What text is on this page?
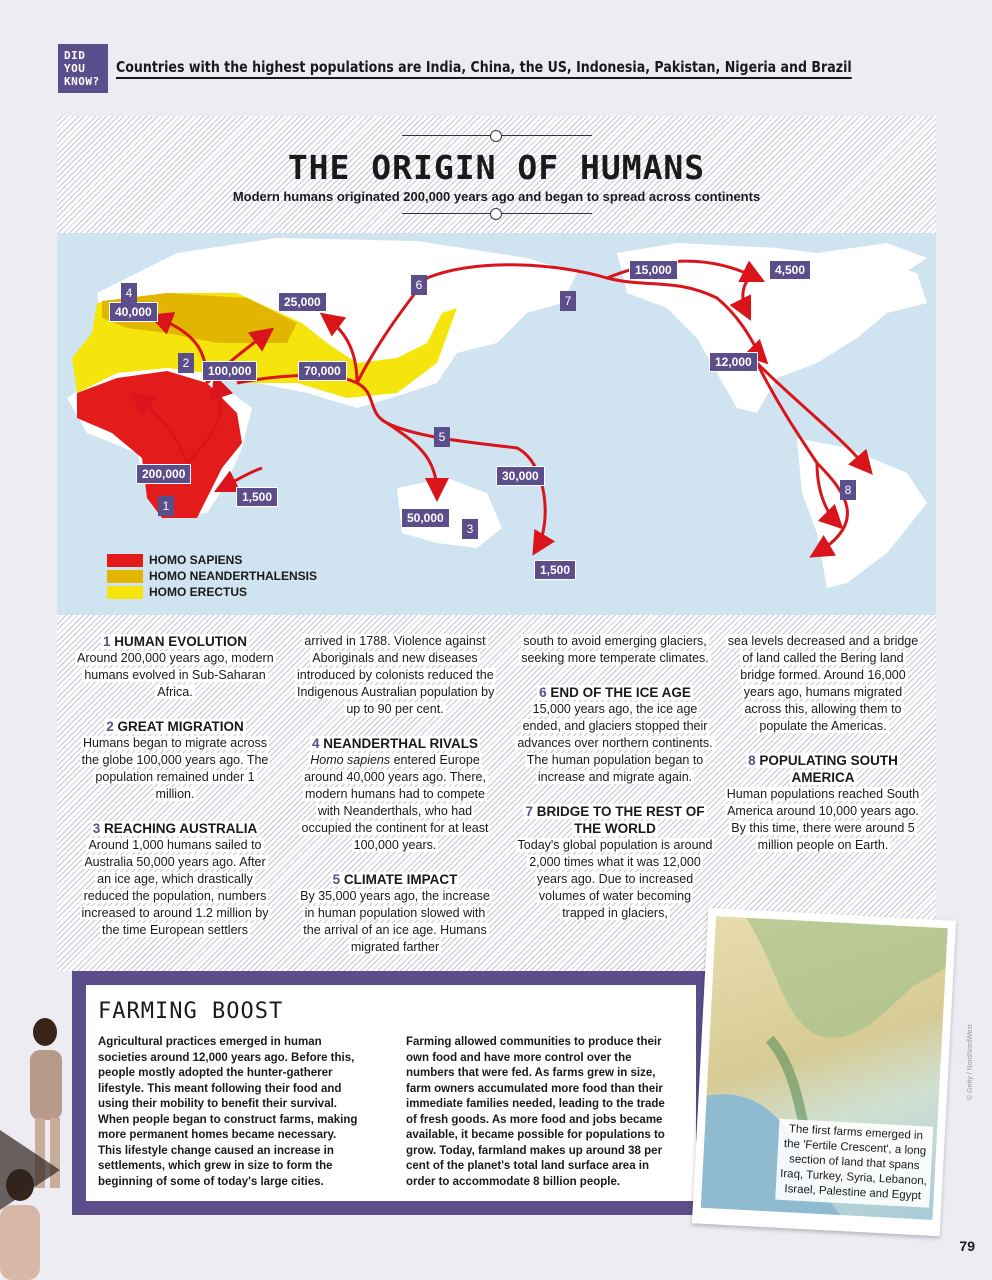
DID YOU KNOW?
Countries with the highest populations are India, China, the US, Indonesia, Pakistan, Nigeria and Brazil
THE ORIGIN OF HUMANS
Modern humans originated 200,000 years ago and began to spread across continents
40,000
25,000
100,000	70,000
200,000
1,500
50,000
30,000
1,500
15,000	4,500
12,000
1
2
3
4
5
6
7
8
HOMO SAPIENS
HOMO NEANDERTHALENSIS
HOMO ERECTUS

1 HUMAN EVOLUTION

Around 200,000 years ago, modern humans evolved in Sub-Saharan Africa.

2 GREAT MIGRATION

Humans began to migrate across the globe 100,000 years ago. The population remained under 1 million.

3 REACHING AUSTRALIA

Around 1,000 humans sailed to Australia 50,000 years ago. After an ice age, which drastically reduced the population, numbers increased to around 1.2 million by the time European settlers

arrived in 1788. Violence against Aboriginals and new diseases introduced by colonists reduced the Indigenous Australian population by up to 90 per cent.

4 NEANDERTHAL RIVALS

Homo sapiens entered Europe around 40,000 years ago. There, modern humans had to compete with Neanderthals, who had occupied the continent for at least 100,000 years.

5 CLIMATE IMPACT

By 35,000 years ago, the increase in human population slowed with the arrival of an ice age. Humans migrated farther

south to avoid emerging glaciers, seeking more temperate climates.

6 END OF THE ICE AGE

15,000 years ago, the ice age ended, and glaciers stopped their advances over northern continents. The human population began to increase and migrate again.

7 BRIDGE TO THE REST OF THE WORLD

Today's global population is around 2,000 times what it was 12,000 years ago. Due to increased volumes of water becoming trapped in glaciers,

sea levels decreased and a bridge of land called the Bering land bridge formed. Around 16,000 years ago, humans migrated across this, allowing them to populate the Americas.

8 POPULATING SOUTH AMERICA

Human populations reached South America around 10,000 years ago. By this time, there were around 5 million people on Earth.

FARMING BOOST
Agricultural practices emerged in human societies around 12,000 years ago. Before this, people mostly adopted the hunter-gatherer lifestyle. This meant following their food and using their mobility to benefit their survival. When people began to construct farms, making more permanent homes became necessary. This lifestyle change caused an increase in settlements, which grew in size to form the beginning of some of today's large cities.
Farming allowed communities to produce their own food and have more control over the numbers that were fed. As farms grew in size, farm owners accumulated more food than their immediate families needed, leading to the trade of fresh goods. As more food and jobs became available, it became possible for populations to grow. Today, farmland makes up around 38 per cent of the planet's total land surface area in order to accommodate 8 billion people.
The first farms emerged in the 'Fertile Crescent', a long section of land that spans Iraq, Turkey, Syria, Lebanon, Israel, Palestine and Egypt
© Getty / NordNordWest
79
